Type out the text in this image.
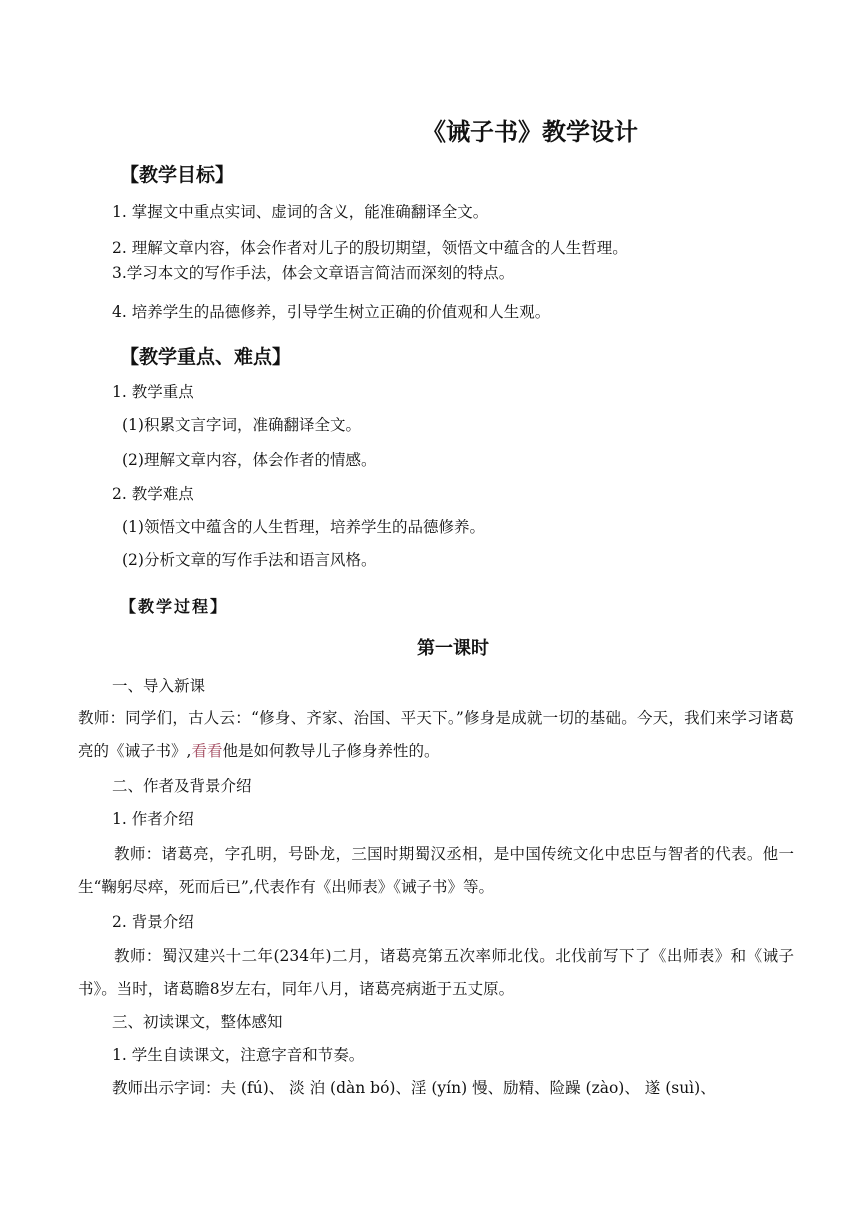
《诫子书》教学设计
【教学目标】
1. 掌握文中重点实词、虚词的含义，能准确翻译全文。
2. 理解文章内容，体会作者对儿子的殷切期望，领悟文中蕴含的人生哲理。
3.学习本文的写作手法，体会文章语言简洁而深刻的特点。
4. 培养学生的品德修养，引导学生树立正确的价值观和人生观。
【教学重点、难点】
1. 教学重点
(1)积累文言字词，准确翻译全文。
(2)理解文章内容，体会作者的情感。
2. 教学难点
(1)领悟文中蕴含的人生哲理，培养学生的品德修养。
(2)分析文章的写作手法和语言风格。
【教学过程】
第一课时
一、导入新课
教师：同学们，古人云：“修身、齐家、治国、平天下。”修身是成就一切的基础。今天，我们来学习诸葛亮的《诫子书》,看看他是如何教导儿子修身养性的。
二、作者及背景介绍
1. 作者介绍
教师：诸葛亮，字孔明，号卧龙，三国时期蜀汉丞相，是中国传统文化中忠臣与智者的代表。他一生“鞠躬尽瘁，死而后已”,代表作有《出师表》《诫子书》等。
2. 背景介绍
教师：蜀汉建兴十二年(234年)二月，诸葛亮第五次率师北伐。北伐前写下了《出师表》和《诫子书》。当时，诸葛瞻8岁左右，同年八月，诸葛亮病逝于五丈原。
三、初读课文，整体感知
1. 学生自读课文，注意字音和节奏。
教师出示字词：夫 (fú)、 淡 泊 (dàn bó)、淫 (yín) 慢、励精、险躁 (zào)、 遂 (suì)、
